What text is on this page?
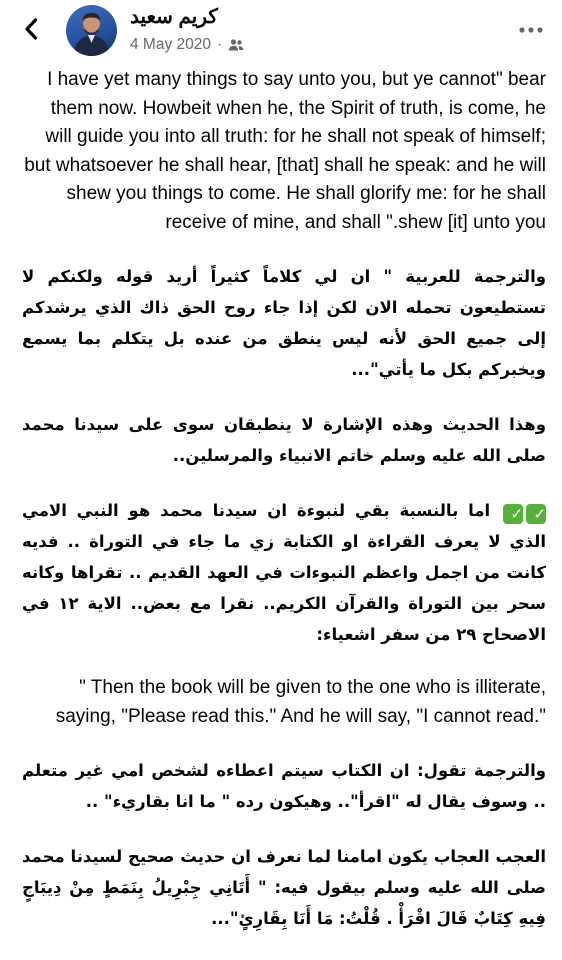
كريم سعيد
4 May 2020 ·

I have yet many things to say unto you, but ye cannot" bear them now. Howbeit when he, the Spirit of truth, is come, he will guide you into all truth: for he shall not speak of himself; but whatsoever he shall hear, [that] shall he speak: and he will shew you things to come. He shall glorify me: for he shall receive of mine, and shall ".shew [it] unto you

والترجمة للعربية " ان لي كلاماً كثيراً أريد قوله ولكنكم لا تستطيعون تحمله الان لكن إذا جاء روح الحق ذاك الذي يرشدكم إلى جميع الحق لأنه ليس ينطق من عنده بل يتكلم بما يسمع ويخبركم بكل ما يأتي"...

وهذا الحديث وهذه الإشارة لا ينطبقان سوى على سيدنا محمد صلى الله عليه وسلم خاتم الانبياء والمرسلين..

✓✓ اما بالنسبة بقي لنبوءة ان سيدنا محمد هو النبي الامي الذي لا يعرف القراءة او الكتابة زي ما جاء في التوراة .. فديه كانت من اجمل واعظم النبوءات في العهد القديم .. تقراها وكانه سحر بين التوراة والقرآن الكريم.. نقرا مع بعض.. الاية ١٢ في الاصحاح ٢٩ من سفر اشعياء:

" Then the book will be given to the one who is illiterate, saying, "Please read this." And he will say, "I cannot read."

والترجمة تقول: ان الكتاب سيتم اعطاءه لشخص امي غير متعلم .. وسوف يقال له "اقرأ".. وهيكون رده " ما انا بقاريء" ..

العجب العجاب يكون امامنا لما نعرف ان حديث صحيح لسيدنا محمد صلى الله عليه وسلم بيقول فيه: " أَتَانِي جِبْرِيلُ بِنَمَطٍ مِنْ دِيبَاجٍ فِيهِ كِتَابٌ قَالَ اقْرَأْ . قُلْتُ: مَا أَنَا بِقَارِئٍ"...
